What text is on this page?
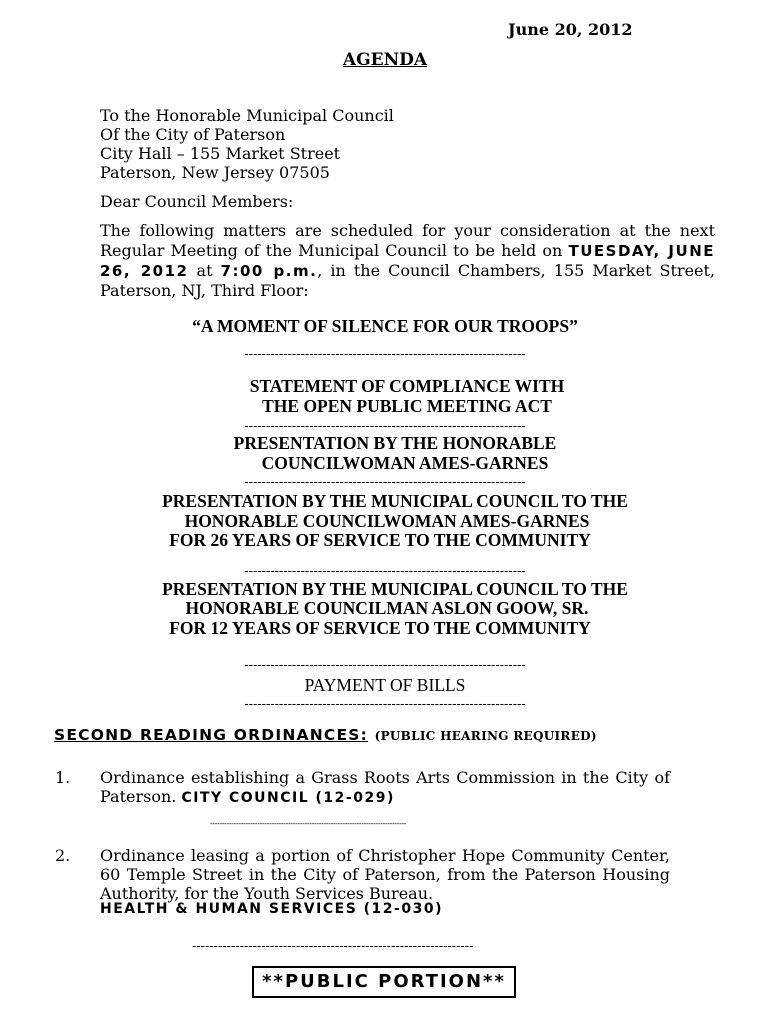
June 20, 2012
AGENDA
To the Honorable Municipal Council
Of the City of Paterson
City Hall – 155 Market Street
Paterson, New Jersey 07505
Dear Council Members:
The following matters are scheduled for your consideration at the next Regular Meeting of the Municipal Council to be held on TUESDAY, JUNE 26, 2012 at 7:00 p.m., in the Council Chambers, 155 Market Street, Paterson, NJ, Third Floor:
“A MOMENT OF SILENCE FOR OUR TROOPS”
-----------------------------------------------------------------
STATEMENT OF COMPLIANCE WITH
THE OPEN PUBLIC MEETING ACT
-----------------------------------------------------------------
PRESENTATION BY THE HONORABLE
COUNCILWOMAN AMES-GARNES
-----------------------------------------------------------------
PRESENTATION BY THE MUNICIPAL COUNCIL TO THE
HONORABLE COUNCILWOMAN AMES-GARNES
FOR 26 YEARS OF SERVICE TO THE COMMUNITY
-----------------------------------------------------------------
PRESENTATION BY THE MUNICIPAL COUNCIL TO THE
HONORABLE COUNCILMAN ASLON GOOW, SR.
FOR 12 YEARS OF SERVICE TO THE COMMUNITY
-----------------------------------------------------------------
PAYMENT OF BILLS
-----------------------------------------------------------------
SECOND READING ORDINANCES: (PUBLIC HEARING REQUIRED)
1. Ordinance establishing a Grass Roots Arts Commission in the City of Paterson. CITY COUNCIL (12-029)
-----------------------------------------------------------------------------------
2. Ordinance leasing a portion of Christopher Hope Community Center, 60 Temple Street in the City of Paterson, from the Paterson Housing Authority, for the Youth Services Bureau.
HEALTH & HUMAN SERVICES (12-030)
-----------------------------------------------------------------
**PUBLIC PORTION**
